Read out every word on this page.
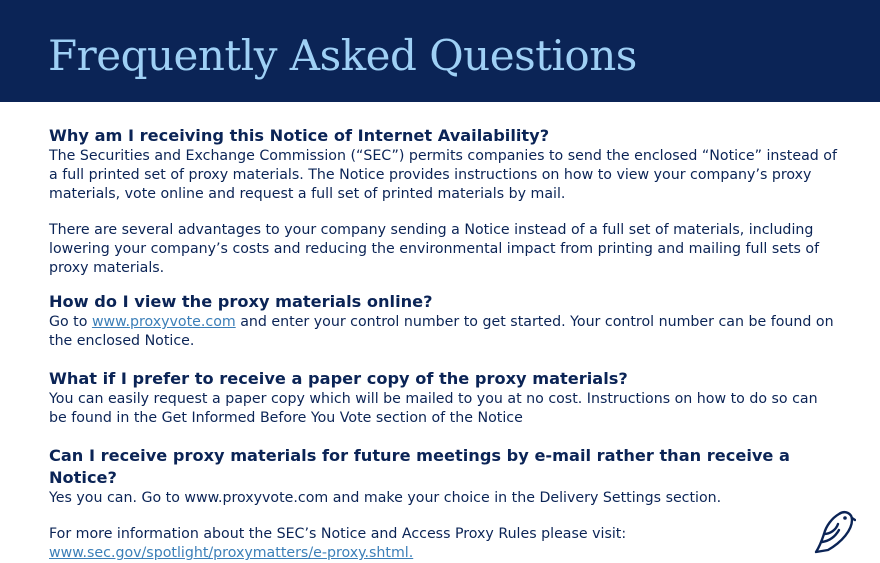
Frequently Asked Questions

Why am I receiving this Notice of Internet Availability?

The Securities and Exchange Commission (“SEC”) permits companies to send the enclosed “Notice” instead of a full printed set of proxy materials. The Notice provides instructions on how to view your company’s proxy materials, vote online and request a full set of printed materials by mail.

There are several advantages to your company sending a Notice instead of a full set of materials, including lowering your company’s costs and reducing the environmental impact from printing and mailing full sets of proxy materials.

How do I view the proxy materials online?

Go to www.proxyvote.com and enter your control number to get started. Your control number can be found on the enclosed Notice.

What if I prefer to receive a paper copy of the proxy materials?

You can easily request a paper copy which will be mailed to you at no cost. Instructions on how to do so can be found in the Get Informed Before You Vote section of the Notice

Can I receive proxy materials for future meetings by e-mail rather than receive a Notice?

Yes you can. Go to www.proxyvote.com and make your choice in the Delivery Settings section.

For more information about the SEC’s Notice and Access Proxy Rules please visit:

www.sec.gov/spotlight/proxymatters/e-proxy.shtml.
